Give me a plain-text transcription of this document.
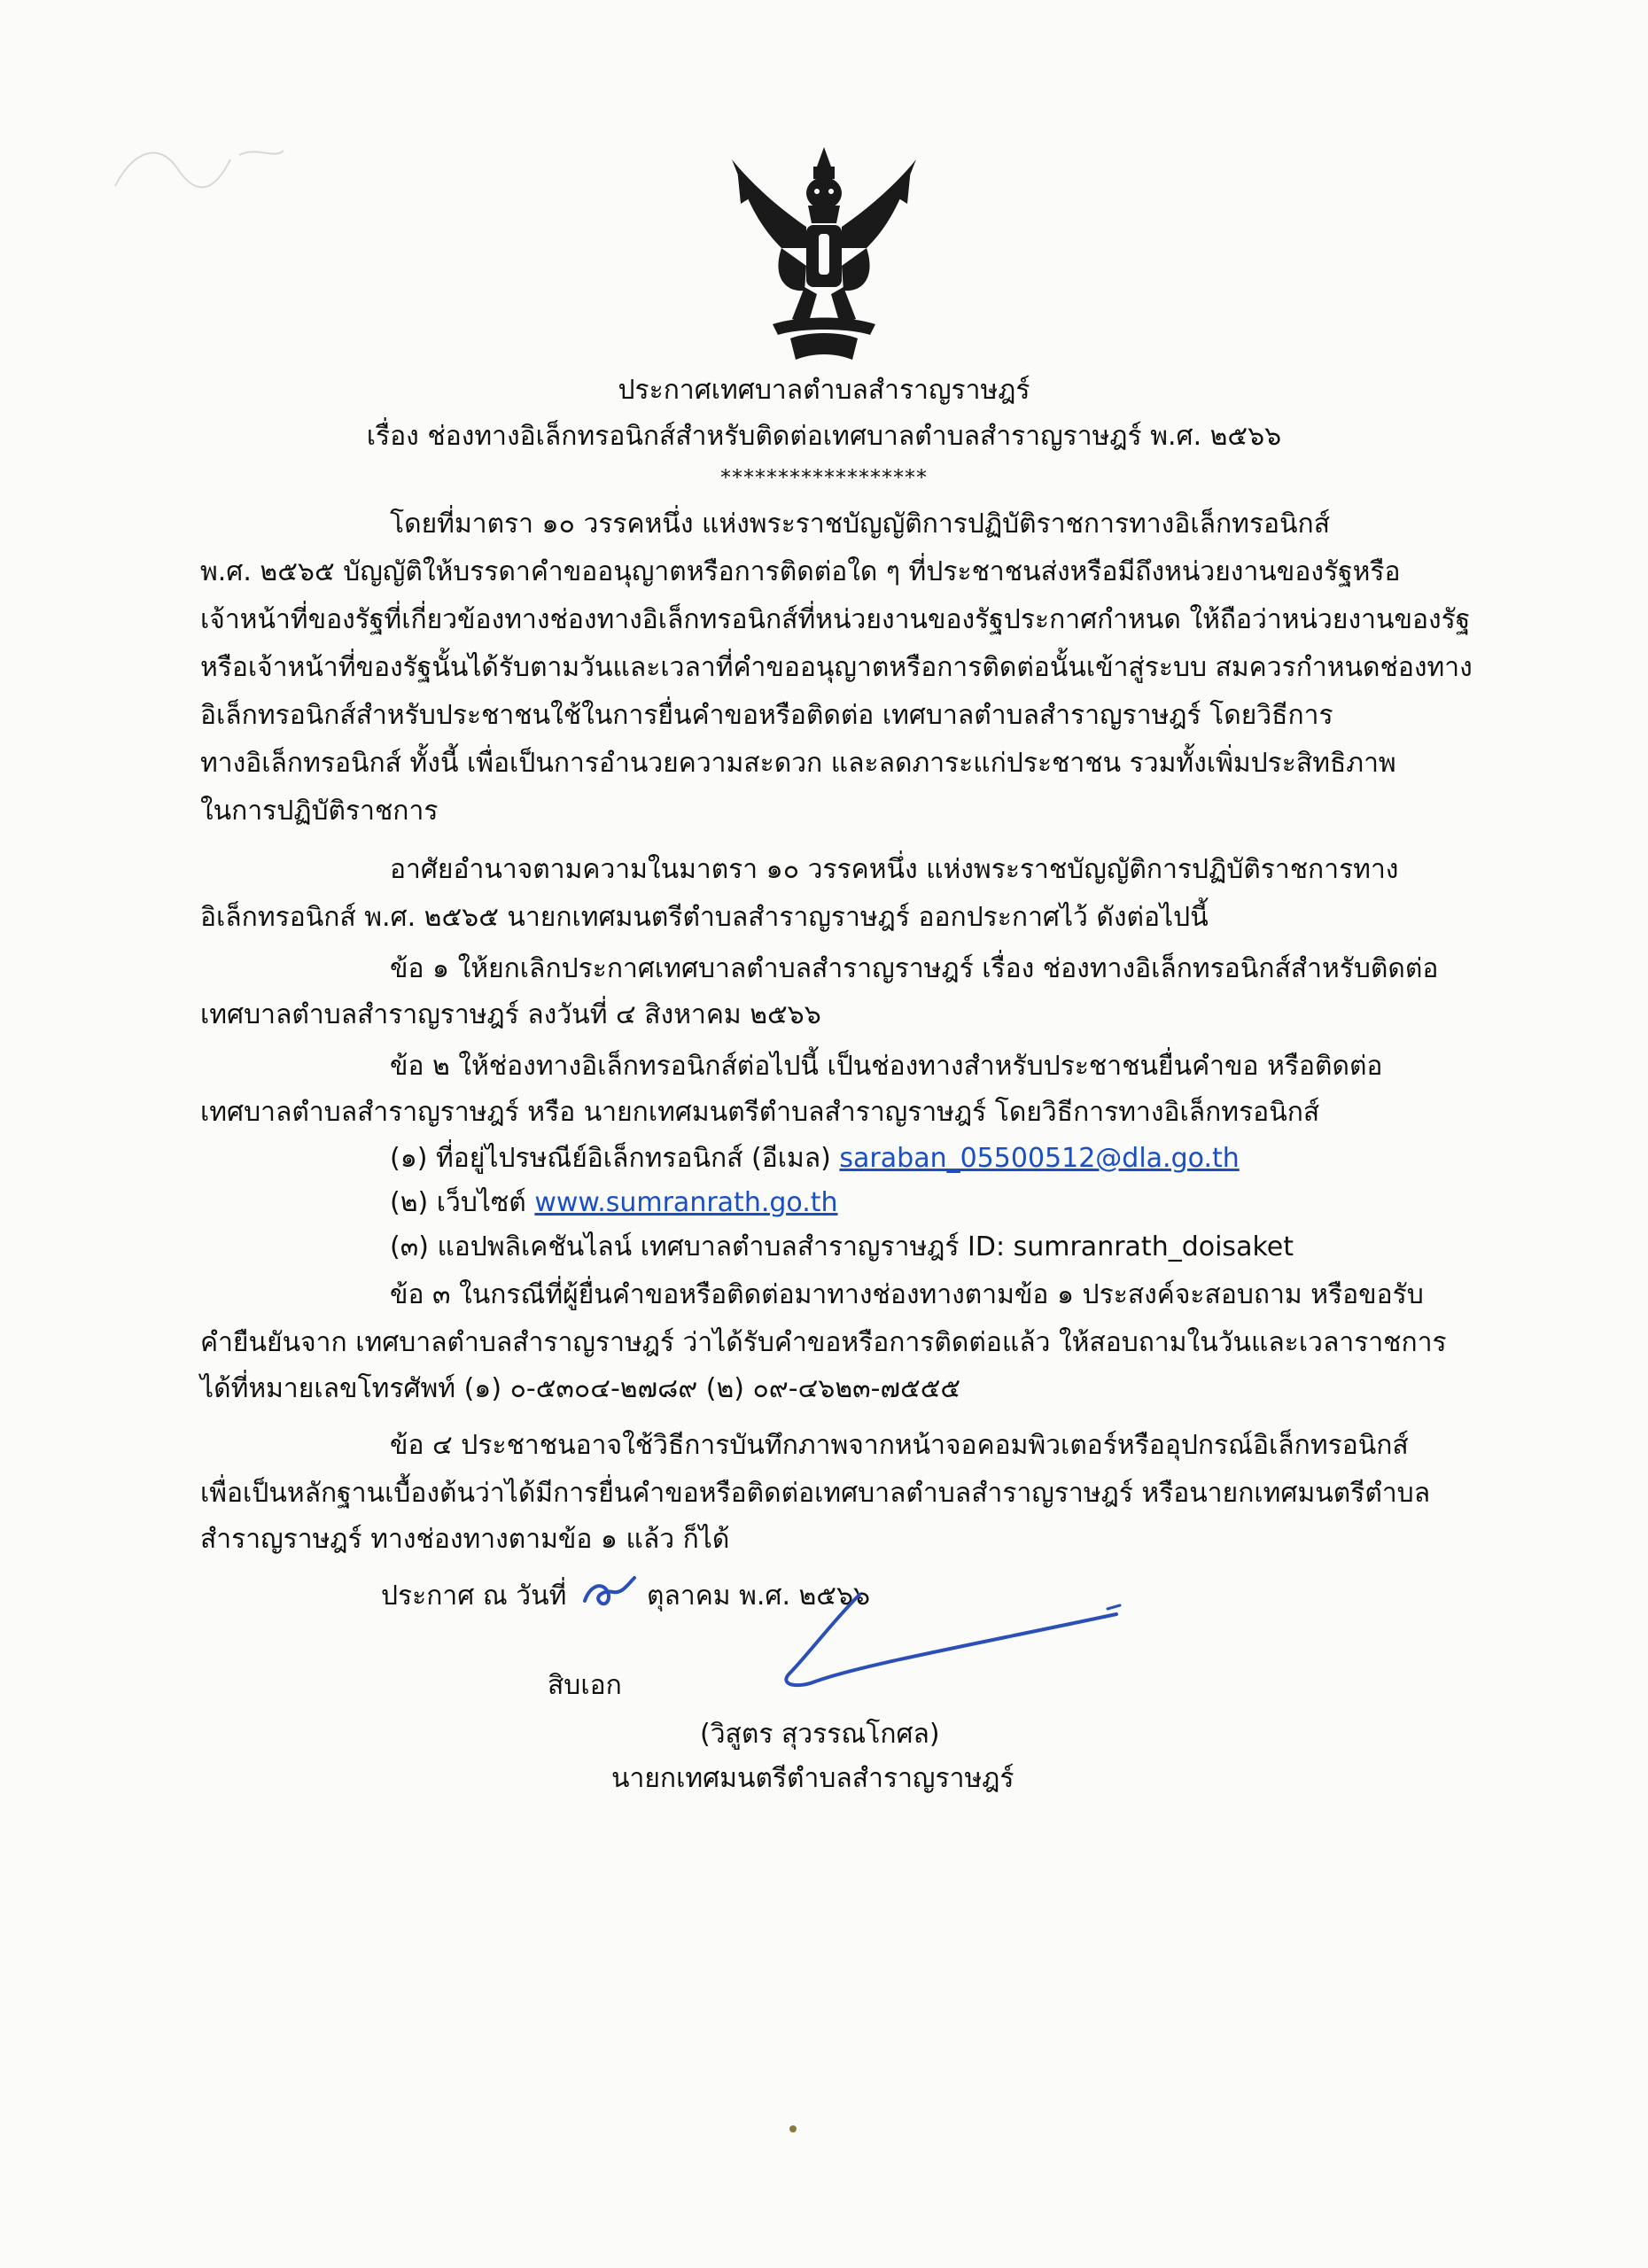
ประกาศเทศบาลตำบลสำราญราษฎร์
เรื่อง ช่องทางอิเล็กทรอนิกส์สำหรับติดต่อเทศบาลตำบลสำราญราษฎร์ พ.ศ. ๒๕๖๖
******************
โดยที่มาตรา ๑๐ วรรคหนึ่ง แห่งพระราชบัญญัติการปฏิบัติราชการทางอิเล็กทรอนิกส์
พ.ศ. ๒๕๖๕ บัญญัติให้บรรดาคำขออนุญาตหรือการติดต่อใด ๆ ที่ประชาชนส่งหรือมีถึงหน่วยงานของรัฐหรือ
เจ้าหน้าที่ของรัฐที่เกี่ยวข้องทางช่องทางอิเล็กทรอนิกส์ที่หน่วยงานของรัฐประกาศกำหนด ให้ถือว่าหน่วยงานของรัฐ
หรือเจ้าหน้าที่ของรัฐนั้นได้รับตามวันและเวลาที่คำขออนุญาตหรือการติดต่อนั้นเข้าสู่ระบบ สมควรกำหนดช่องทาง
อิเล็กทรอนิกส์สำหรับประชาชนใช้ในการยื่นคำขอหรือติดต่อ เทศบาลตำบลสำราญราษฎร์ โดยวิธีการ
ทางอิเล็กทรอนิกส์ ทั้งนี้ เพื่อเป็นการอำนวยความสะดวก และลดภาระแก่ประชาชน รวมทั้งเพิ่มประสิทธิภาพ
ในการปฏิบัติราชการ
อาศัยอำนาจตามความในมาตรา ๑๐ วรรคหนึ่ง แห่งพระราชบัญญัติการปฏิบัติราชการทาง
อิเล็กทรอนิกส์ พ.ศ. ๒๕๖๕ นายกเทศมนตรีตำบลสำราญราษฎร์ ออกประกาศไว้ ดังต่อไปนี้
ข้อ ๑ ให้ยกเลิกประกาศเทศบาลตำบลสำราญราษฎร์ เรื่อง ช่องทางอิเล็กทรอนิกส์สำหรับติดต่อ
เทศบาลตำบลสำราญราษฎร์ ลงวันที่ ๔ สิงหาคม ๒๕๖๖
ข้อ ๒ ให้ช่องทางอิเล็กทรอนิกส์ต่อไปนี้ เป็นช่องทางสำหรับประชาชนยื่นคำขอ หรือติดต่อ
เทศบาลตำบลสำราญราษฎร์ หรือ นายกเทศมนตรีตำบลสำราญราษฎร์ โดยวิธีการทางอิเล็กทรอนิกส์
(๑) ที่อยู่ไปรษณีย์อิเล็กทรอนิกส์ (อีเมล) saraban_05500512@dla.go.th
(๒) เว็บไซต์ www.sumranrath.go.th
(๓) แอปพลิเคชันไลน์ เทศบาลตำบลสำราญราษฎร์ ID: sumranrath_doisaket
ข้อ ๓ ในกรณีที่ผู้ยื่นคำขอหรือติดต่อมาทางช่องทางตามข้อ ๑ ประสงค์จะสอบถาม หรือขอรับ
คำยืนยันจาก เทศบาลตำบลสำราญราษฎร์ ว่าได้รับคำขอหรือการติดต่อแล้ว ให้สอบถามในวันและเวลาราชการ
ได้ที่หมายเลขโทรศัพท์ (๑) ๐-๕๓๐๔-๒๗๘๙ (๒) ๐๙-๔๖๒๓-๗๕๕๕
ข้อ ๔ ประชาชนอาจใช้วิธีการบันทึกภาพจากหน้าจอคอมพิวเตอร์หรืออุปกรณ์อิเล็กทรอนิกส์
เพื่อเป็นหลักฐานเบื้องต้นว่าได้มีการยื่นคำขอหรือติดต่อเทศบาลตำบลสำราญราษฎร์ หรือนายกเทศมนตรีตำบล
สำราญราษฎร์ ทางช่องทางตามข้อ ๑ แล้ว ก็ได้
ประกาศ ณ วันที่
๙
ตุลาคม พ.ศ. ๒๕๖๖
สิบเอก
(วิสูตร สุวรรณโกศล)
นายกเทศมนตรีตำบลสำราญราษฎร์
